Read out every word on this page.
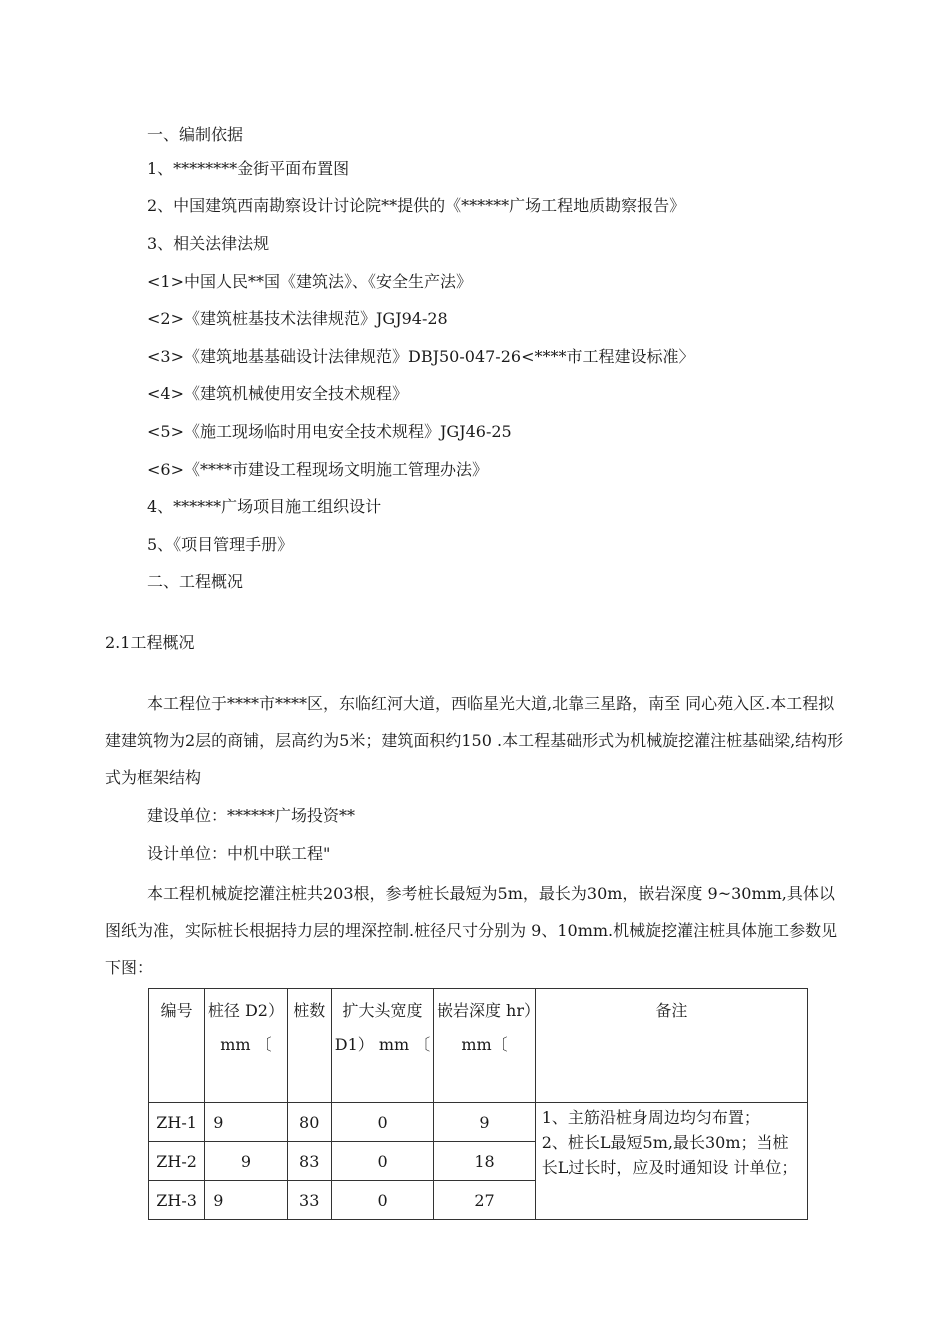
一、编制依据
1、********金街平面布置图
2、中国建筑西南勘察设计讨论院**提供的《******广场工程地质勘察报告》
3、相关法律法规
<1>中国人民**国《建筑法》、《安全生产法》
<2>《建筑桩基技术法律规范》JGJ94-28
<3>《建筑地基基础设计法律规范》DBJ50-047-26<****市工程建设标准〉
<4>《建筑机械使用安全技术规程》
<5>《施工现场临时用电安全技术规程》JGJ46-25
<6>《****市建设工程现场文明施工管理办法》
4、******广场项目施工组织设计
5、《项目管理手册》
二、工程概况
2.1工程概况
本工程位于****市****区，东临红河大道，西临星光大道,北靠三星路，南至 同心苑入区.本工程拟建建筑物为2层的商铺，层高约为5米；建筑面积约150 .本工程基础形式为机械旋挖灌注桩基础梁,结构形式为框架结构
建设单位：******广场投资**
设计单位：中机中联工程"
本工程机械旋挖灌注桩共203根，参考桩长最短为5m，最长为30m，嵌岩深度 9~30mm,具体以图纸为准，实际桩长根据持力层的埋深控制.桩径尺寸分别为 9、10mm.机械旋挖灌注桩具体施工参数见下图：
编号	桩径 D2）mm 〔	桩数	扩大头宽度 D1） mm 〔	嵌岩深度 hr）mm〔	备注
ZH-1	9	80	0	9	1、主筋沿桩身周边均匀布置；
2、桩长L最短5m,最长30m；当桩长L过长时，应及时通知设 计单位；

ZH-2	9	83	0	18	
ZH-3	9	33	0	27	
